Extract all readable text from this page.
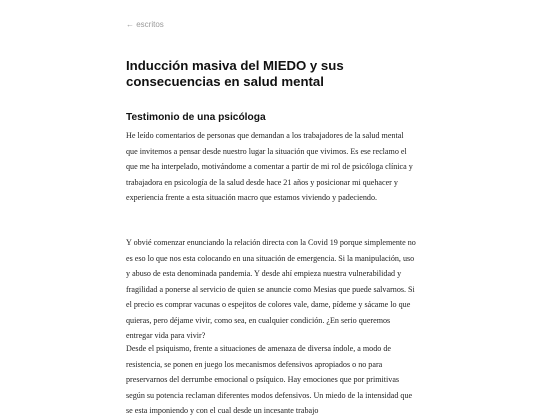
← escritos
Inducción masiva del MIEDO y sus consecuencias en salud mental
Testimonio de una psicóloga

He leído comentarios de personas que demandan a los trabajadores de la salud mental que invitemos a pensar desde nuestro lugar la situación que vivimos. Es ese reclamo el que me ha interpelado, motivándome a comentar a partir de mi rol de psicóloga clínica y trabajadora en psicología de la salud desde hace 21 años y posicionar mi quehacer y experiencia frente a esta situación macro que estamos viviendo y padeciendo.

Y obvié comenzar enunciando la relación directa con la Covid 19 porque simplemente no es eso lo que nos esta colocando en una situación de emergencia. Si la manipulación, uso y abuso de esta denominada pandemia. Y desde ahí empieza nuestra vulnerabilidad y fragilidad a ponerse al servicio de quien se anuncie como Mesias que puede salvarnos. Si el precio es comprar vacunas o espejitos de colores vale, dame, pídeme y sácame lo que quieras, pero déjame vivir, como sea, en cualquier condición. ¿En serio queremos entregar vida para vivir?

Desde el psiquismo, frente a situaciones de amenaza de diversa índole, a modo de resistencia, se ponen en juego los mecanismos defensivos apropiados o no para preservarnos del derrumbe emocional o psíquico. Hay emociones que por primitivas según su potencia reclaman diferentes modos defensivos. Un miedo de la intensidad que se esta imponiendo y con el cual desde un incesante trabajo
